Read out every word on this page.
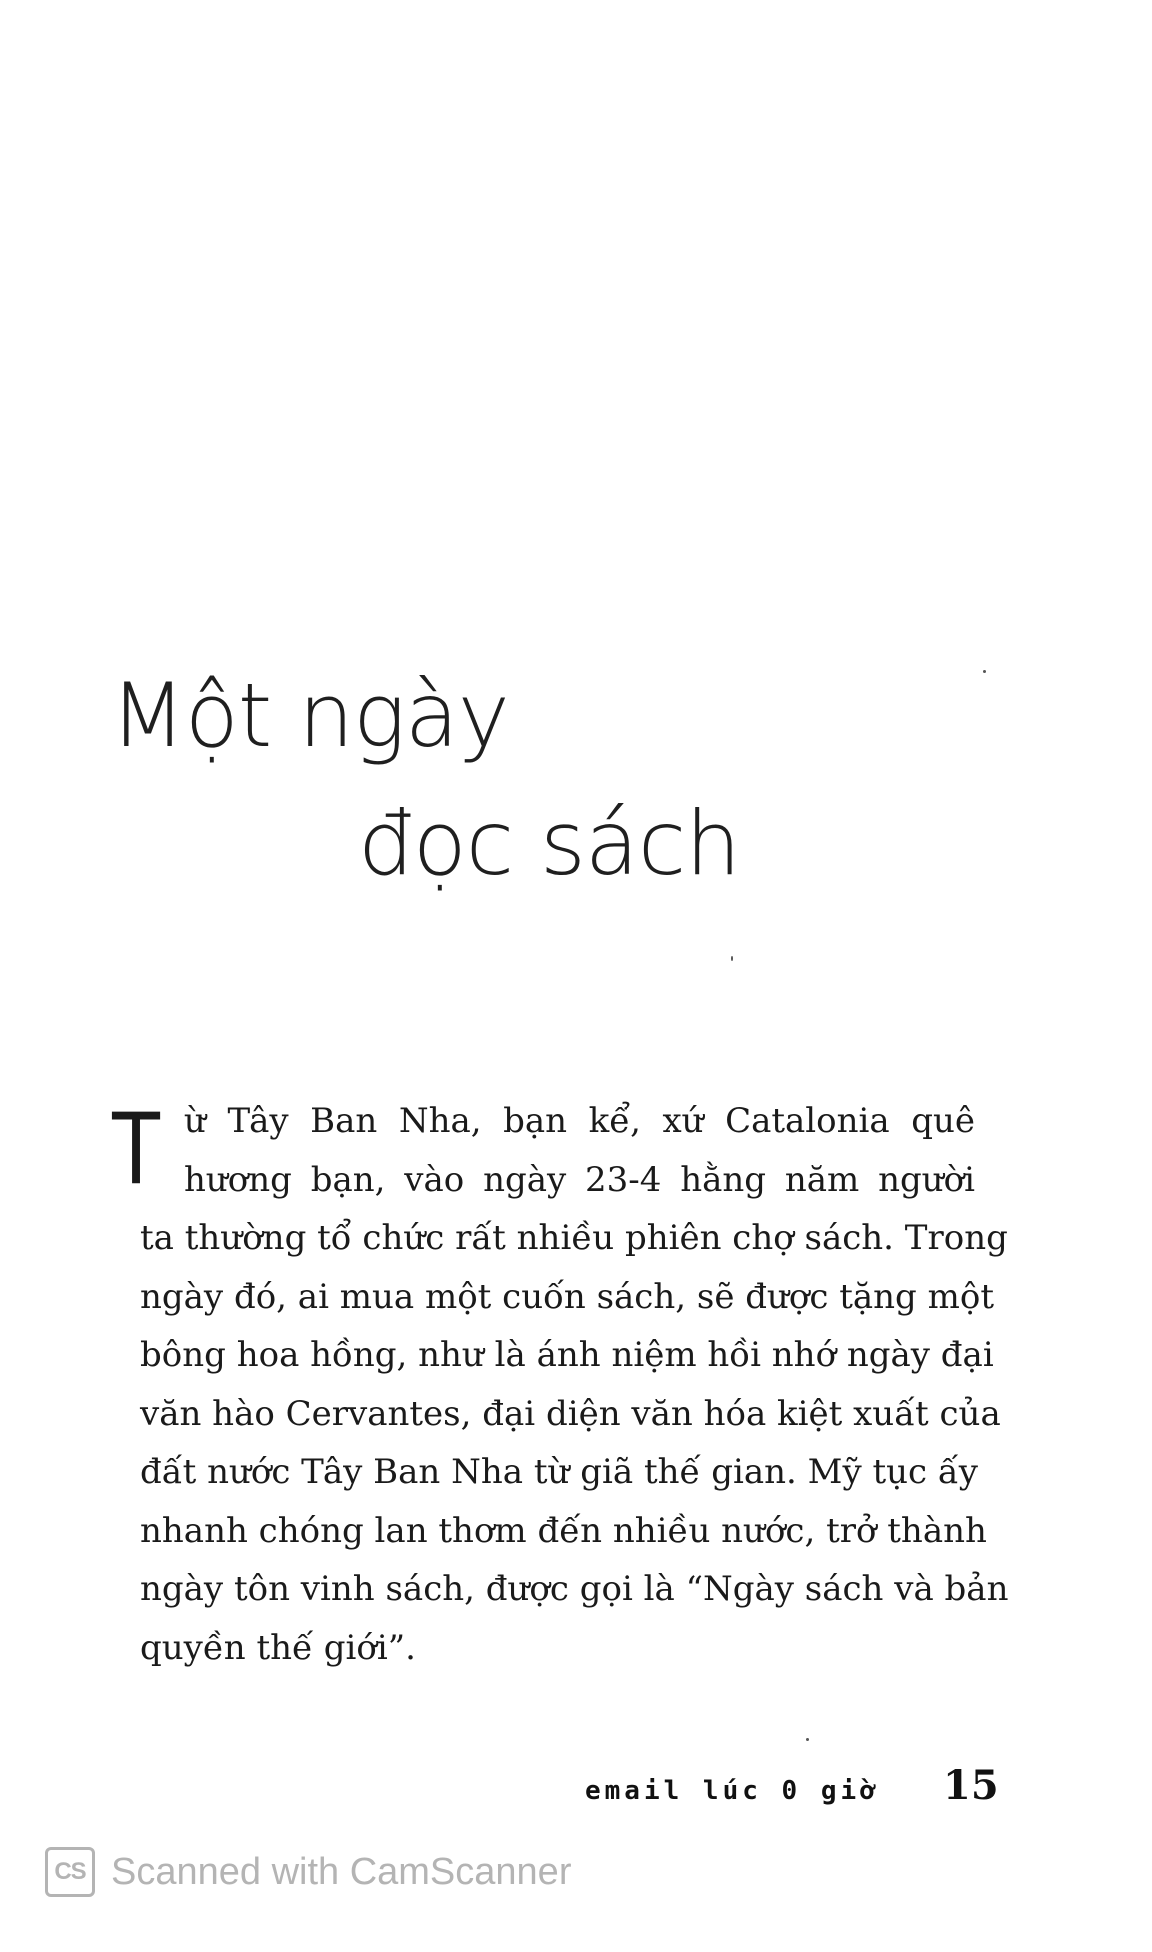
Một ngày
đọc sách
T ừ Tây Ban Nha, bạn kể, xứ Catalonia quê
hương bạn, vào ngày 23-4 hằng năm người
ta thường tổ chức rất nhiều phiên chợ sách. Trong
ngày đó, ai mua một cuốn sách, sẽ được tặng một
bông hoa hồng, như là ánh niệm hồi nhớ ngày đại
văn hào Cervantes, đại diện văn hóa kiệt xuất của
đất nước Tây Ban Nha từ giã thế gian. Mỹ tục ấy
nhanh chóng lan thơm đến nhiều nước, trở thành
ngày tôn vinh sách, được gọi là “Ngày sách và bản
quyền thế giới”.
email lúc 0 giờ 15
CS Scanned with CamScanner
